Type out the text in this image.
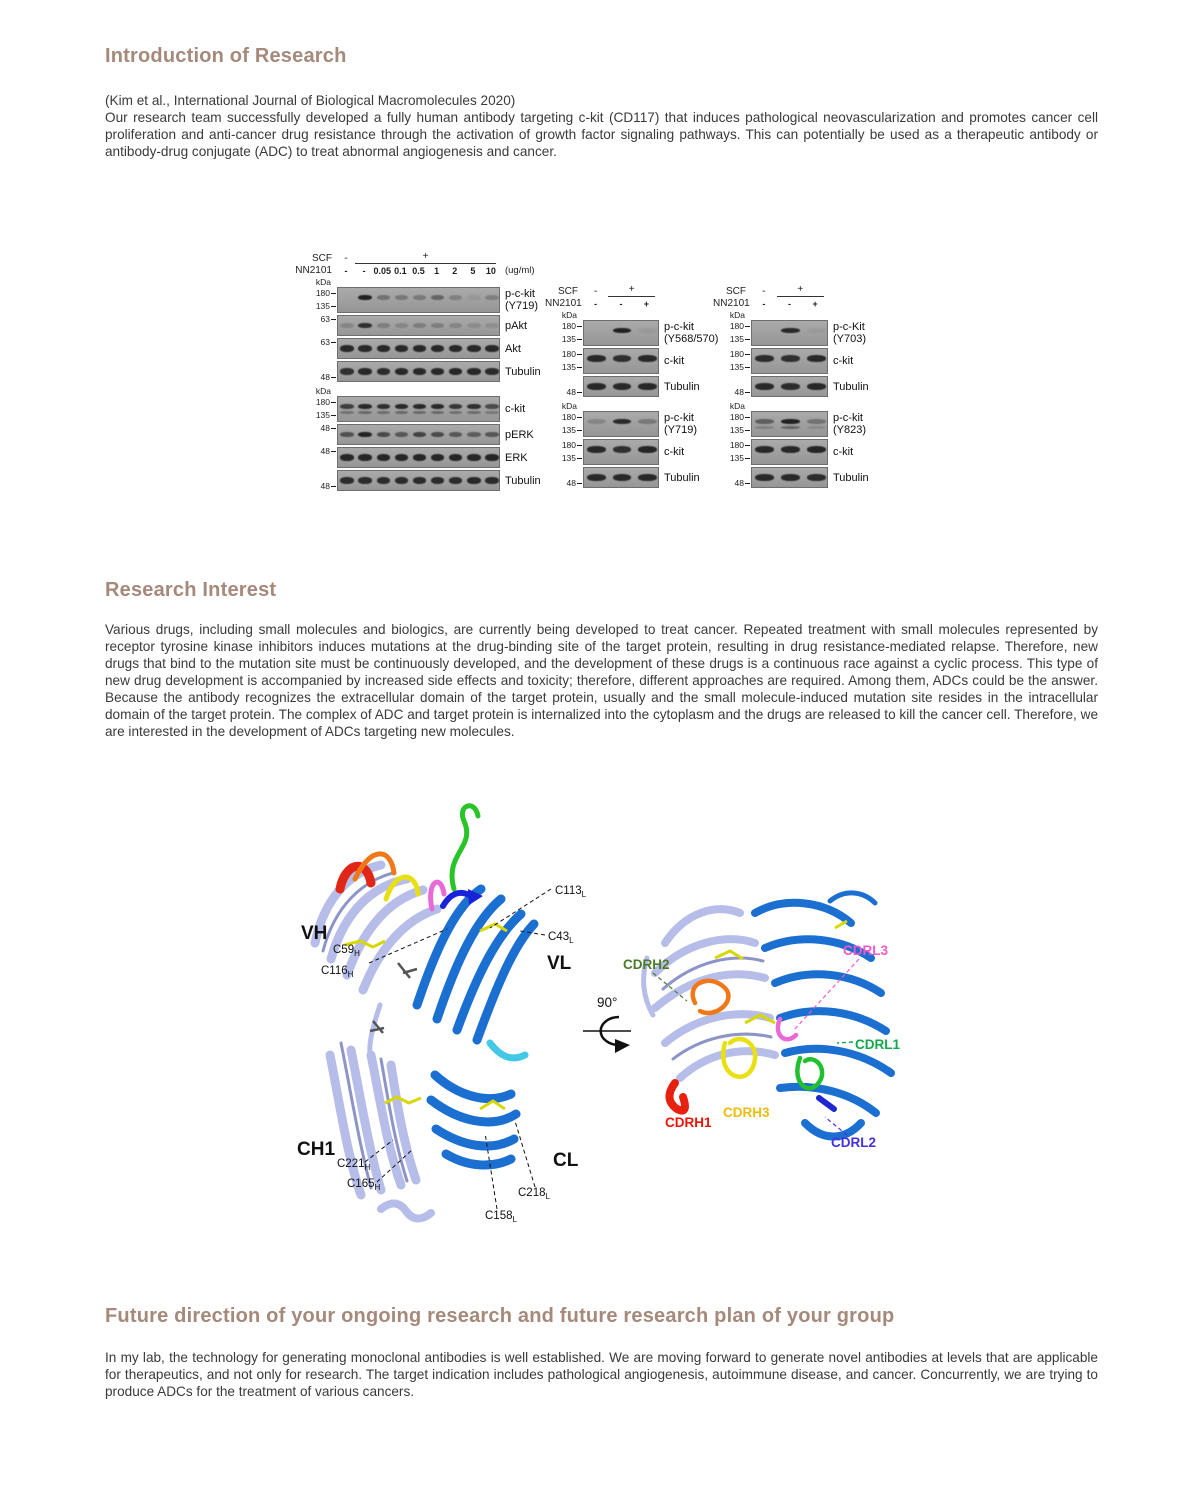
Introduction of Research
(Kim et al., International Journal of Biological Macromolecules 2020)
Our research team successfully developed a fully human antibody targeting c-kit (CD117) that induces pathological neovascularization and promotes cancer cell proliferation and anti-cancer drug resistance through the activation of growth factor signaling pathways. This can potentially be used as a therapeutic antibody or antibody-drug conjugate (ADC) to treat abnormal angiogenesis and cancer.
Research Interest
Various drugs, including small molecules and biologics, are currently being developed to treat cancer. Repeated treatment with small molecules represented by receptor tyrosine kinase inhibitors induces mutations at the drug-binding site of the target protein, resulting in drug resistance-mediated relapse. Therefore, new drugs that bind to the mutation site must be continuously developed, and the development of these drugs is a continuous race against a cyclic process. This type of new drug development is accompanied by increased side effects and toxicity; therefore, different approaches are required. Among them, ADCs could be the answer. Because the antibody recognizes the extracellular domain of the target protein, usually and the small molecule-induced mutation site resides in the intracellular domain of the target protein. The complex of ADC and target protein is internalized into the cytoplasm and the drugs are released to kill the cancer cell. Therefore, we are interested in the development of ADCs targeting new molecules.
Future direction of your ongoing research and future research plan of your group
In my lab, the technology for generating monoclonal antibodies is well established. We are moving forward to generate novel antibodies at levels that are applicable for therapeutics, and not only for research. The target indication includes pathological angiogenesis, autoimmune disease, and cancer. Concurrently, we are trying to produce ADCs for the treatment of various cancers.
SCF	-	+
NN2101	-	- 0.05 0.1 0.5	1	2	5	10 (ug/ml)
kDa
180
135
p-c-kit
(Y719)
63
pAkt
63
Akt
48	Tubulin
kDa
180
135	c-kit
48
pERK
48
ERK
48	Tubulin
SCF	-	+
NN2101	-	-	+
kDa
180
135
p-c-kit
(Y568/570)
180
135	c-kit
48	Tubulin
kDa
180
135
p-c-kit
(Y719)
180
135	c-kit
48	Tubulin
SCF	-	+
NN2101	-	-	+
kDa
180
135
p-c-Kit
(Y703)
180
135	c-kit
48	Tubulin
kDa
180
135
p-c-kit
(Y823)
180
135	c-kit
48	Tubulin
VH
VL
CH1
CL
$C59_H$
$C116_H$
$C113_L$
$C43_L$
$C221_H$
$C165_H$
$C158_L$
$C218_L$
90°
CDRH2
CDRL3
CDRL1
CDRH1
CDRH3
CDRL2
